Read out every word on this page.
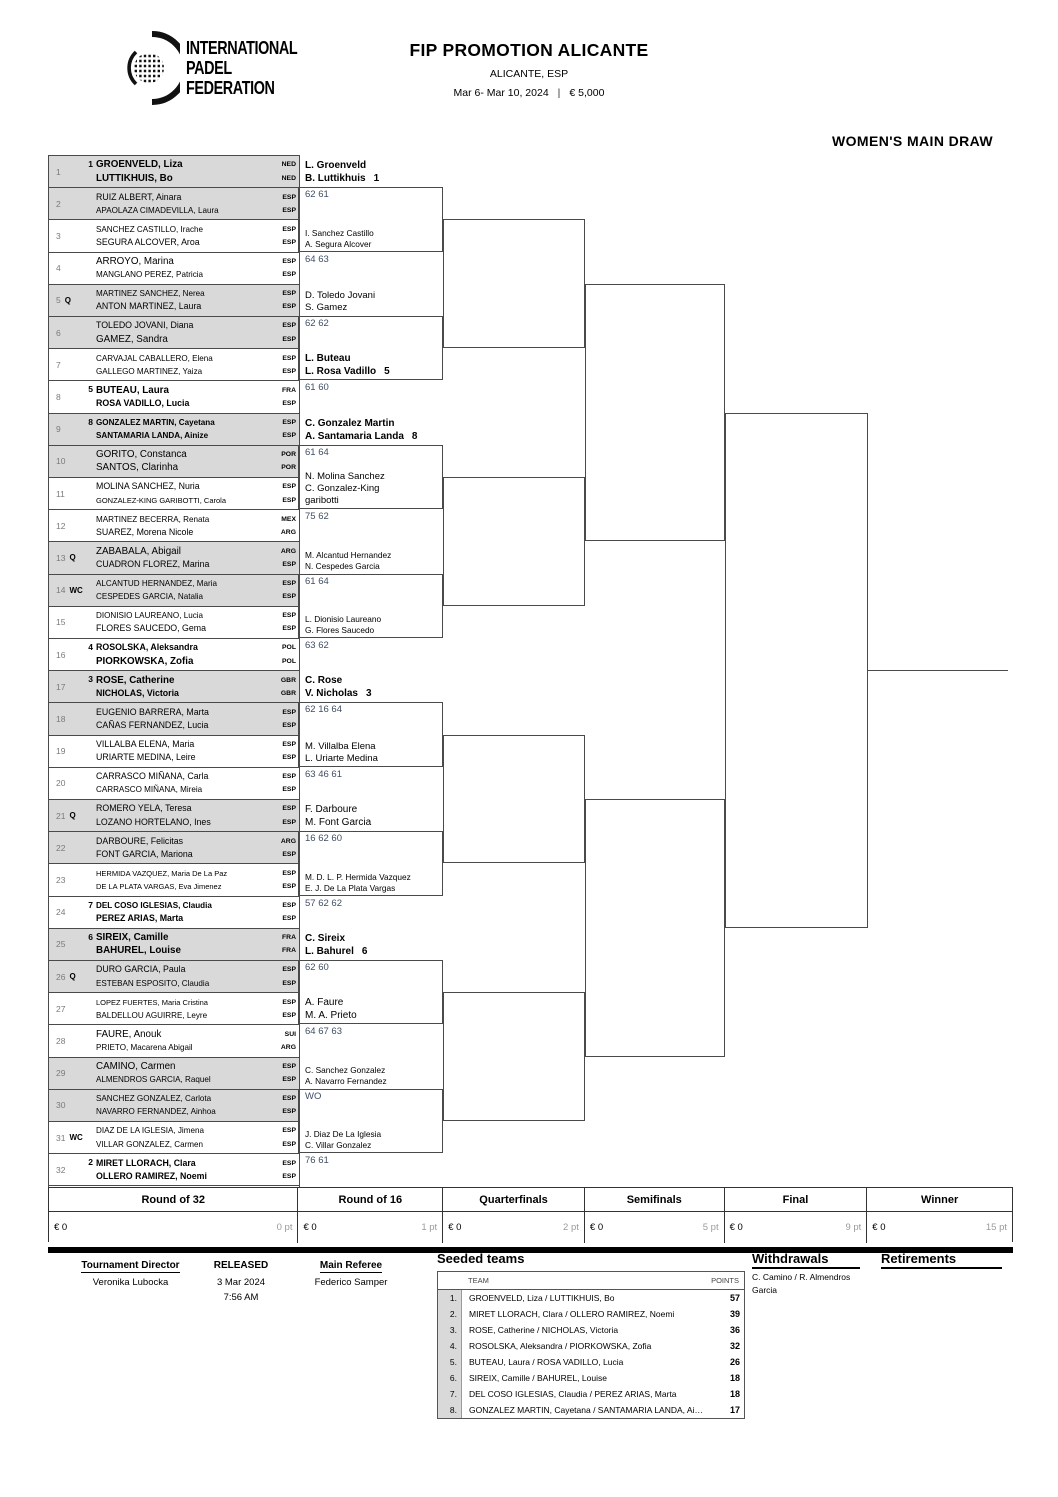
INTERNATIONAL
PADEL
FEDERATION
FIP PROMOTION ALICANTE
ALICANTE, ESP
Mar 6- Mar 10, 2024 | € 5,000
WOMEN'S MAIN DRAW
1
1 GROENVELD, Liza
LUTTIKHUIS, Bo
NED
NED
2
RUIZ ALBERT, Ainara
APAOLAZA CIMADEVILLA, Laura
ESP
ESP
3
SANCHEZ CASTILLO, Irache
SEGURA ALCOVER, Aroa
ESP
ESP
4
ARROYO, Marina
MANGLANO PEREZ, Patricia
ESP
ESP
5 Q
MARTINEZ SANCHEZ, Nerea
ANTON MARTINEZ, Laura
ESP
ESP
6
TOLEDO JOVANI, Diana
GAMEZ, Sandra
ESP
ESP
7
CARVAJAL CABALLERO, Elena
GALLEGO MARTINEZ, Yaiza
ESP
ESP
8
5 BUTEAU, Laura
ROSA VADILLO, Lucia
FRA
ESP
9
8 GONZALEZ MARTIN, Cayetana
SANTAMARIA LANDA, Ainize
ESP
ESP
10
GORITO, Constanca
SANTOS, Clarinha
POR
POR
11
MOLINA SANCHEZ, Nuria
GONZALEZ-KING GARIBOTTI, Carola
ESP
ESP
12
MARTINEZ BECERRA, Renata
SUAREZ, Morena Nicole
MEX
ARG
13 Q
ZABABALA, Abigail
CUADRON FLOREZ, Marina
ARG
ESP
14 WC
ALCANTUD HERNANDEZ, Maria
CESPEDES GARCIA, Natalia
ESP
ESP
15
DIONISIO LAUREANO, Lucia
FLORES SAUCEDO, Gema
ESP
ESP
16
4 ROSOLSKA, Aleksandra
PIORKOWSKA, Zofia
POL
POL
17
3 ROSE, Catherine
NICHOLAS, Victoria
GBR
GBR
18
EUGENIO BARRERA, Marta
CAÑAS FERNANDEZ, Lucia
ESP
ESP
19
VILLALBA ELENA, Maria
URIARTE MEDINA, Leire
ESP
ESP
20
CARRASCO MIÑANA, Carla
CARRASCO MIÑANA, Mireia
ESP
ESP
21 Q
ROMERO YELA, Teresa
LOZANO HORTELANO, Ines
ESP
ESP
22
DARBOURE, Felicitas
FONT GARCIA, Mariona
ARG
ESP
23
HERMIDA VAZQUEZ, Maria De La Paz
DE LA PLATA VARGAS, Eva Jimenez
ESP
ESP
24
7 DEL COSO IGLESIAS, Claudia
PEREZ ARIAS, Marta
ESP
ESP
25
6 SIREIX, Camille
BAHUREL, Louise
FRA
FRA
26 Q
DURO GARCIA, Paula
ESTEBAN ESPOSITO, Claudia
ESP
ESP
27
LOPEZ FUERTES, Maria Cristina
BALDELLOU AGUIRRE, Leyre
ESP
ESP
28
FAURE, Anouk
PRIETO, Macarena Abigail
SUI
ARG
29
CAMINO, Carmen
ALMENDROS GARCIA, Raquel
ESP
ESP
30
SANCHEZ GONZALEZ, Carlota
NAVARRO FERNANDEZ, Ainhoa
ESP
ESP
31 WC
DIAZ DE LA IGLESIA, Jimena
VILLAR GONZALEZ, Carmen
ESP
ESP
32
2 MIRET LLORACH, Clara
OLLERO RAMIREZ, Noemi
ESP
ESP
L. Groenveld
B. Luttikhuis 1
62 61
I. Sanchez Castillo
A. Segura Alcover
64 63
D. Toledo Jovani
S. Gamez
62 62
L. Buteau
L. Rosa Vadillo 5
61 60
C. Gonzalez Martin
A. Santamaria Landa 8
61 64
N. Molina Sanchez
C. Gonzalez-King
garibotti
75 62
M. Alcantud Hernandez
N. Cespedes Garcia
61 64
L. Dionisio Laureano
G. Flores Saucedo
63 62
C. Rose
V. Nicholas 3
62 16 64
M. Villalba Elena
L. Uriarte Medina
63 46 61
F. Darboure
M. Font Garcia
16 62 60
M. D. L. P. Hermida Vazquez
E. J. De La Plata Vargas
57 62 62
C. Sireix
L. Bahurel 6
62 60
A. Faure
M. A. Prieto
64 67 63
C. Sanchez Gonzalez
A. Navarro Fernandez
WO
J. Diaz De La Iglesia
C. Villar Gonzalez
76 61
Round of 32
€ 0	0 pt
Round of 16
€ 0	1 pt
Quarterfinals
€ 0	2 pt
Semifinals
€ 0	5 pt
Final
€ 0	9 pt
Winner
€ 0	15 pt
Tournament Director
Veronika Lubocka
RELEASED
3 Mar 2024
7:56 AM
Main Referee
Federico Samper
Seeded teams
TEAM	POINTS
1.	GROENVELD, Liza / LUTTIKHUIS, Bo	57
2.	MIRET LLORACH, Clara / OLLERO RAMIREZ, Noemi	39
3.	ROSE, Catherine / NICHOLAS, Victoria	36
4.	ROSOLSKA, Aleksandra / PIORKOWSKA, Zofia	32
5.	BUTEAU, Laura / ROSA VADILLO, Lucia	26
6.	SIREIX, Camille / BAHUREL, Louise	18
7.	DEL COSO IGLESIAS, Claudia / PEREZ ARIAS, Marta	18
8.	GONZALEZ MARTIN, Cayetana / SANTAMARIA LANDA, Ai…	17
Withdrawals
C. Camino / R. Almendros Garcia
Retirements
